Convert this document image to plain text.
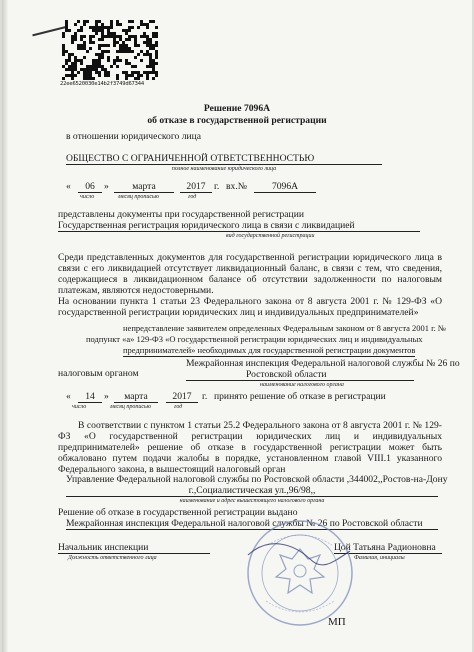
22ee6520030e14b2f3749d67344
Решение 7096А
об отказе в государственной регистрации
в отношении юридического лица
ОБЩЕСТВО С ОГРАНИЧЕННОЙ ОТВЕТСТВЕННОСТЬЮ
полное наименование юридического лица
«	06 »	марта	2017 г. вх.№	7096А
число	месяц прописью	год
представлены документы при государственной регистрации
Государственная регистрация юридического лица в связи с ликвидацией
вид государственной регистрации
Среди представленных документов для государственной регистрации юридического лица в связи с его ликвидацией отсутствует ликвидационный баланс, в связи с тем, что сведения, содержащиеся в ликвидационном балансе об отсутствии задолженности по налоговым платежам, являются недостоверными.
На основании пункта 1 статьи 23 Федерального закона от 8 августа 2001 г. № 129-ФЗ «О государственной регистрации юридических лиц и индивидуальных предпринимателей»
непредставление заявителем определенных Федеральным законом от 8 августа 2001 г. №
подпункт «а» 129-ФЗ «О государственной регистрации юридических лиц и индивидуальных
предпринимателей» необходимых для государственной регистрации документов
налоговым органом
Межрайонная инспекция Федеральной налоговой службы № 26 по
Ростовской области
наименование налогового органа
«	14 »	марта	2017	г. принято решение об отказе в регистрации
число	месяц прописью	год
В соответствии с пунктом 1 статьи 25.2 Федерального закона от 8 августа 2001 г. № 129-ФЗ «О государственной регистрации юридических лиц и индивидуальных предпринимателей» решение об отказе в государственной регистрации может быть обжаловано путем подачи жалобы в порядке, установленном главой VIII.1 указанного Федерального закона, в вышестоящий налоговый орган
Управление Федеральной налоговой службы по Ростовской области ,344002,,Ростов-на-Дону
г.,Социалистическая ул.,96/98,,
наименование и адрес вышестоящего налогового органа
Решение об отказе в государственной регистрации выдано
Межрайонная инспекция Федеральной налоговой службы № 26 по Ростовской области
Начальник инспекции
Должность ответственного лица
Цой Татьяна Радионовна
Фамилия, инициалы
МП
